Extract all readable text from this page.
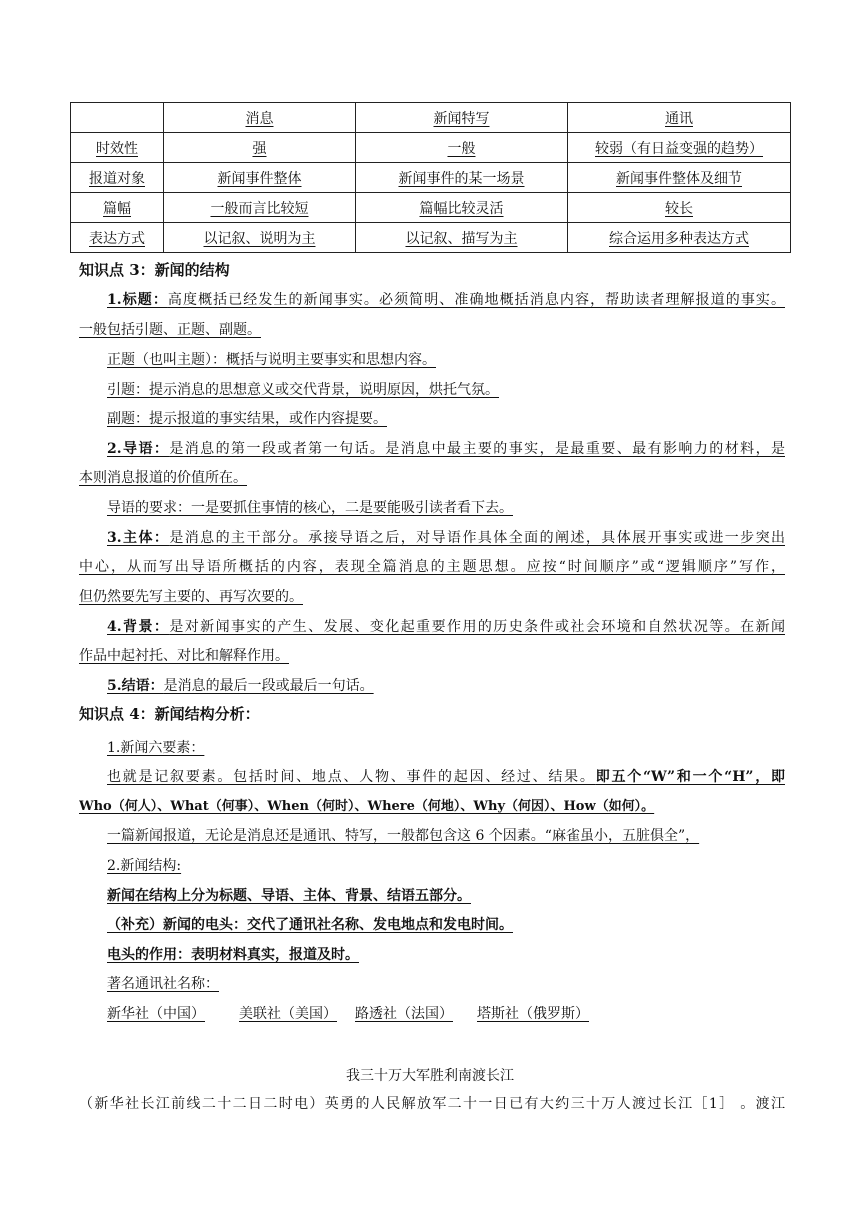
	消息	新闻特写	通讯
时效性	强	一般	较弱（有日益变强的趋势）
报道对象	新闻事件整体	新闻事件的某一场景	新闻事件整体及细节
篇幅	一般而言比较短	篇幅比较灵活	较长
表达方式	以记叙、说明为主	以记叙、描写为主	综合运用多种表达方式
知识点 3：新闻的结构
1.标题：高度概括已经发生的新闻事实。必须简明、准确地概括消息内容，帮助读者理解报道的事实。
一般包括引题、正题、副题。
正题（也叫主题）：概括与说明主要事实和思想内容。
引题：提示消息的思想意义或交代背景，说明原因，烘托气氛。
副题：提示报道的事实结果，或作内容提要。
2.导语：是消息的第一段或者第一句话。是消息中最主要的事实，是最重要、最有影响力的材料，是
本则消息报道的价值所在。
导语的要求：一是要抓住事情的核心，二是要能吸引读者看下去。
3.主体：是消息的主干部分。承接导语之后，对导语作具体全面的阐述，具体展开事实或进一步突出
中心，从而写出导语所概括的内容，表现全篇消息的主题思想。应按“时间顺序”或“逻辑顺序”写作，
但仍然要先写主要的、再写次要的。
4.背景：是对新闻事实的产生、发展、变化起重要作用的历史条件或社会环境和自然状况等。在新闻
作品中起衬托、对比和解释作用。
5.结语：是消息的最后一段或最后一句话。
知识点 4：新闻结构分析：
1.新闻六要素：
也就是记叙要素。包括时间、地点、人物、事件的起因、经过、结果。即五个“W”和一个“H”，即
Who（何人）、What（何事）、When（何时）、Where（何地）、Why（何因）、How（如何）。
一篇新闻报道，无论是消息还是通讯、特写，一般都包含这 6 个因素。“麻雀虽小，五脏俱全”，
2.新闻结构:
新闻在结构上分为标题、导语、主体、背景、结语五部分。
（补充）新闻的电头：交代了通讯社名称、发电地点和发电时间。
电头的作用：表明材料真实，报道及时。
著名通讯社名称：
新华社（中国） 美联社（美国） 路透社（法国） 塔斯社（俄罗斯）
我三十万大军胜利南渡长江
（新华社长江前线二十二日二时电）英勇的人民解放军二十一日已有大约三十万人渡过长江［1］ 。渡江
